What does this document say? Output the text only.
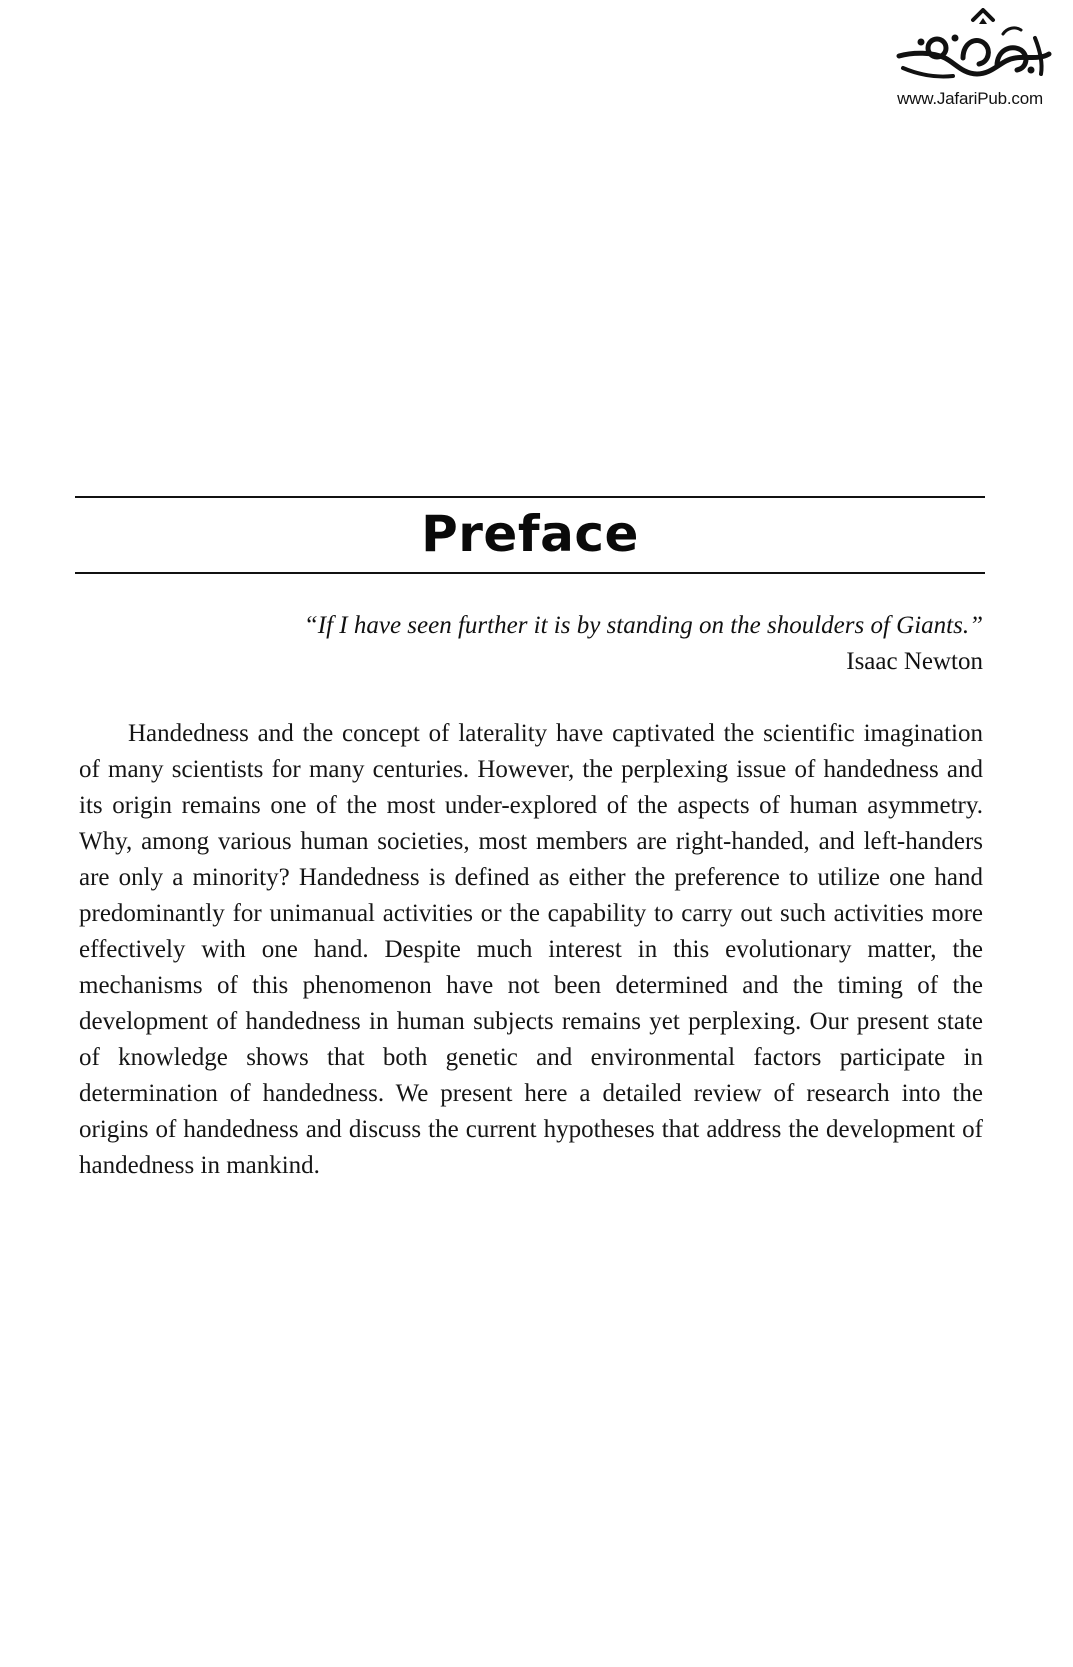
www.JafariPub.com
Preface
“If I have seen further it is by standing on the shoulders of Giants.”
Isaac Newton

Handedness and the concept of laterality have captivated the scientific imagination of many scientists for many centuries. However, the perplexing issue of handedness and its origin remains one of the most under-explored of the aspects of human asymmetry. Why, among various human societies, most members are right-handed, and left-handers are only a minority? Handedness is defined as either the preference to utilize one hand predominantly for unimanual activities or the capability to carry out such activities more effectively with one hand. Despite much interest in this evolutionary matter, the mechanisms of this phenomenon have not been determined and the timing of the development of handedness in human subjects remains yet perplexing. Our present state of knowledge shows that both genetic and environmental factors participate in determination of handedness. We present here a detailed review of research into the origins of handedness and discuss the current hypotheses that address the development of handedness in mankind.
